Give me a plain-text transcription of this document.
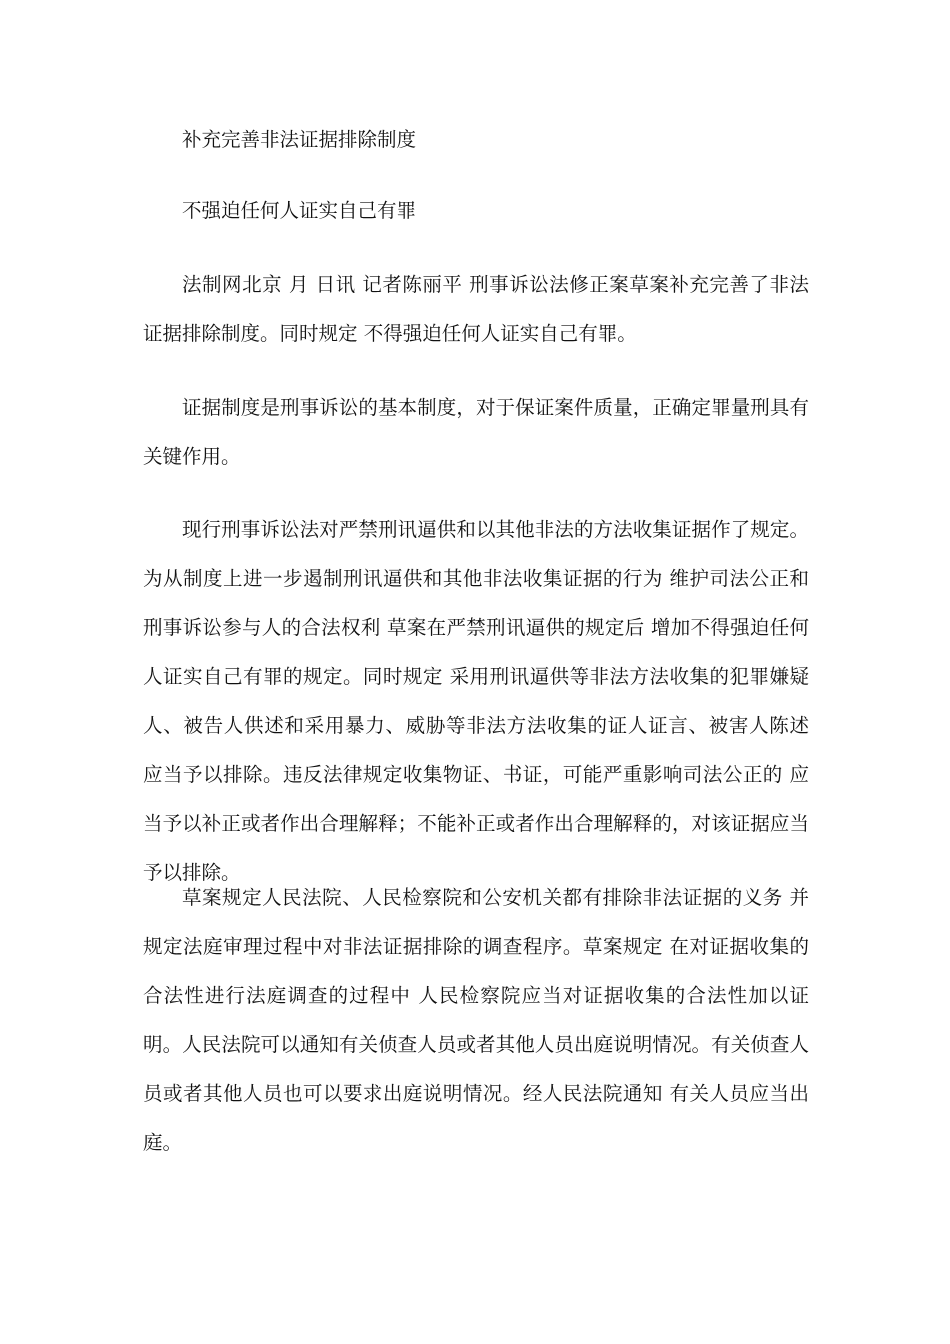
补充完善非法证据排除制度

不强迫任何人证实自己有罪

法制网北京 月 日讯 记者陈丽平 刑事诉讼法修正案草案补充完善了非法证据排除制度。同时规定 不得强迫任何人证实自己有罪。

证据制度是刑事诉讼的基本制度，对于保证案件质量，正确定罪量刑具有关键作用。

现行刑事诉讼法对严禁刑讯逼供和以其他非法的方法收集证据作了规定。为从制度上进一步遏制刑讯逼供和其他非法收集证据的行为 维护司法公正和刑事诉讼参与人的合法权利 草案在严禁刑讯逼供的规定后 增加不得强迫任何人证实自己有罪的规定。同时规定 采用刑讯逼供等非法方法收集的犯罪嫌疑人、被告人供述和采用暴力、威胁等非法方法收集的证人证言、被害人陈述 应当予以排除。违反法律规定收集物证、书证，可能严重影响司法公正的 应当予以补正或者作出合理解释；不能补正或者作出合理解释的，对该证据应当予以排除。

草案规定人民法院、人民检察院和公安机关都有排除非法证据的义务 并规定法庭审理过程中对非法证据排除的调查程序。草案规定 在对证据收集的合法性进行法庭调查的过程中 人民检察院应当对证据收集的合法性加以证明。人民法院可以通知有关侦查人员或者其他人员出庭说明情况。有关侦查人员或者其他人员也可以要求出庭说明情况。经人民法院通知 有关人员应当出庭。
